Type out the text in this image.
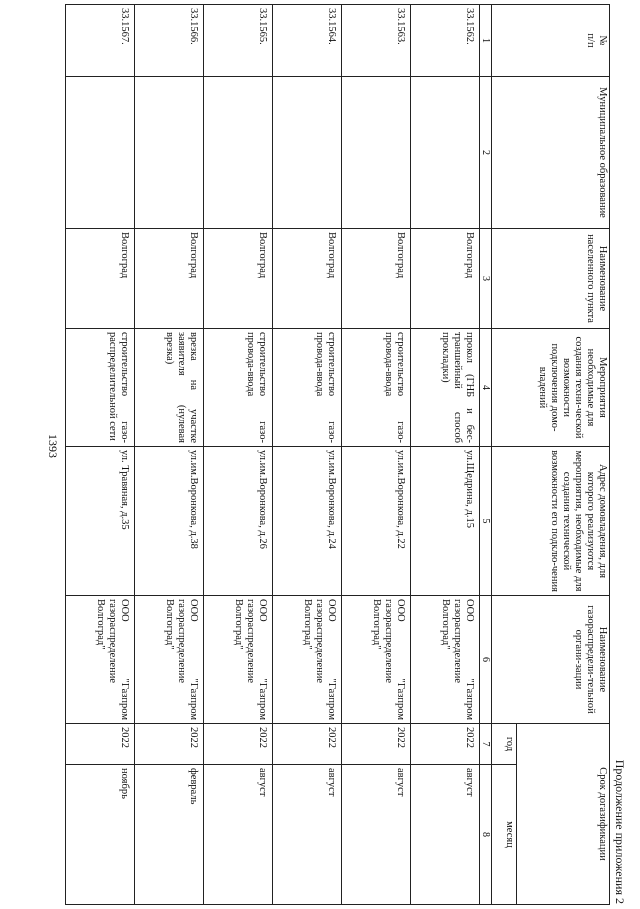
1393
Продолжение приложения 2
№
п/п	Муниципальное образование	Наименование населенного пункта	Мероприятия необходимые для создания техни-ческой возможности подключения домо-владений	Адрес домовладения, для которого реализуются мероприятия, необходимые для создания технической возможности его подклю-чения	Наименование газораспредели-тельной органи-зации	Срок догазификации	
						год	месяц
1	2	3	4	5	6	7	8
33.1562.		Волгоград	прокол (ГНБ и бес-траншейный способ прокладки)	ул.Щедрина, д.15	ООО "Газпром газораспределение Волгоград"	2022	август
33.1563.		Волгоград	строительство газо-провода-ввода	ул.им.Воронкова, д.22	ООО "Газпром газораспределение Волгоград"	2022	август
33.1564.		Волгоград	строительство газо-провода-ввода	ул.им.Воронкова, д.24	ООО "Газпром газораспределение Волгоград"	2022	август
33.1565.		Волгоград	строительство газо-провода-ввода	ул.им.Воронкова, д.26	ООО "Газпром газораспределение Волгоград"	2022	август
33.1566.		Волгоград	врезка на участке заявителя (нулевая врезка)	ул.им.Воронкова, д.38	ООО "Газпром газораспределение Волгоград"	2022	февраль
33.1567.		Волгоград	строительство газо-распределительной сети	ул. Травяная, д.35	ООО "Газпром газораспределение Волгоград"	2022	ноябрь
